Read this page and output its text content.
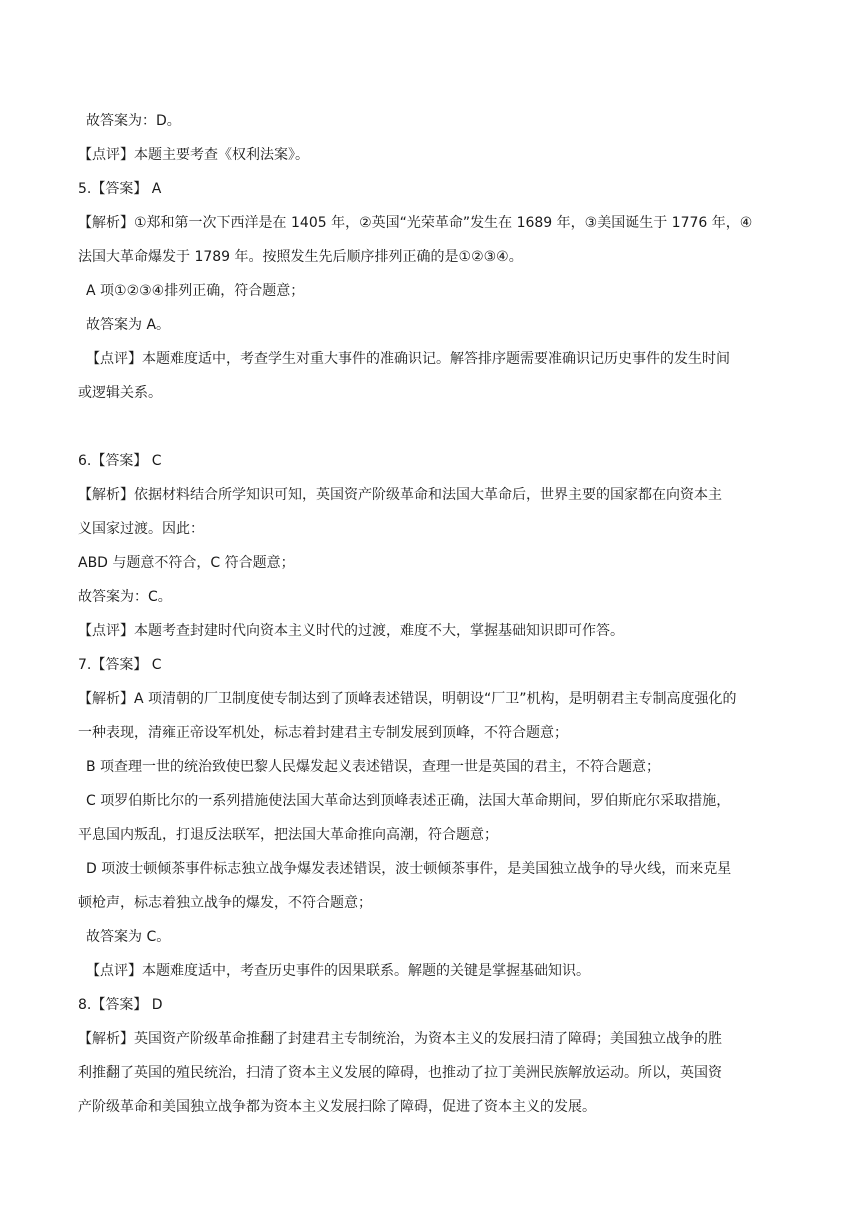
故答案为：D。
【点评】本题主要考查《权利法案》。
5.【答案】 A
【解析】①郑和第一次下西洋是在 1405 年，②英国“光荣革命”发生在 1689 年，③美国诞生于 1776 年，④
法国大革命爆发于 1789 年。按照发生先后顺序排列正确的是①②③④。
A 项①②③④排列正确，符合题意；
故答案为 A。
【点评】本题难度适中，考查学生对重大事件的准确识记。解答排序题需要准确识记历史事件的发生时间
或逻辑关系。
6.【答案】 C
【解析】依据材料结合所学知识可知，英国资产阶级革命和法国大革命后，世界主要的国家都在向资本主
义国家过渡。因此：
ABD 与题意不符合，C 符合题意；
故答案为：C。
【点评】本题考查封建时代向资本主义时代的过渡，难度不大，掌握基础知识即可作答。
7.【答案】 C
【解析】A 项清朝的厂卫制度使专制达到了顶峰表述错误，明朝设“厂卫”机构，是明朝君主专制高度强化的
一种表现，清雍正帝设军机处，标志着封建君主专制发展到顶峰，不符合题意；
B 项查理一世的统治致使巴黎人民爆发起义表述错误，查理一世是英国的君主，不符合题意；
C 项罗伯斯比尔的一系列措施使法国大革命达到顶峰表述正确，法国大革命期间，罗伯斯庇尔采取措施，
平息国内叛乱，打退反法联军，把法国大革命推向高潮，符合题意；
D 项波士顿倾茶事件标志独立战争爆发表述错误，波士顿倾茶事件，是美国独立战争的导火线，而来克星
顿枪声，标志着独立战争的爆发，不符合题意；
故答案为 C。
【点评】本题难度适中，考查历史事件的因果联系。解题的关键是掌握基础知识。
8.【答案】 D
【解析】英国资产阶级革命推翻了封建君主专制统治，为资本主义的发展扫清了障碍；美国独立战争的胜
利推翻了英国的殖民统治，扫清了资本主义发展的障碍，也推动了拉丁美洲民族解放运动。所以，英国资
产阶级革命和美国独立战争都为资本主义发展扫除了障碍，促进了资本主义的发展。
